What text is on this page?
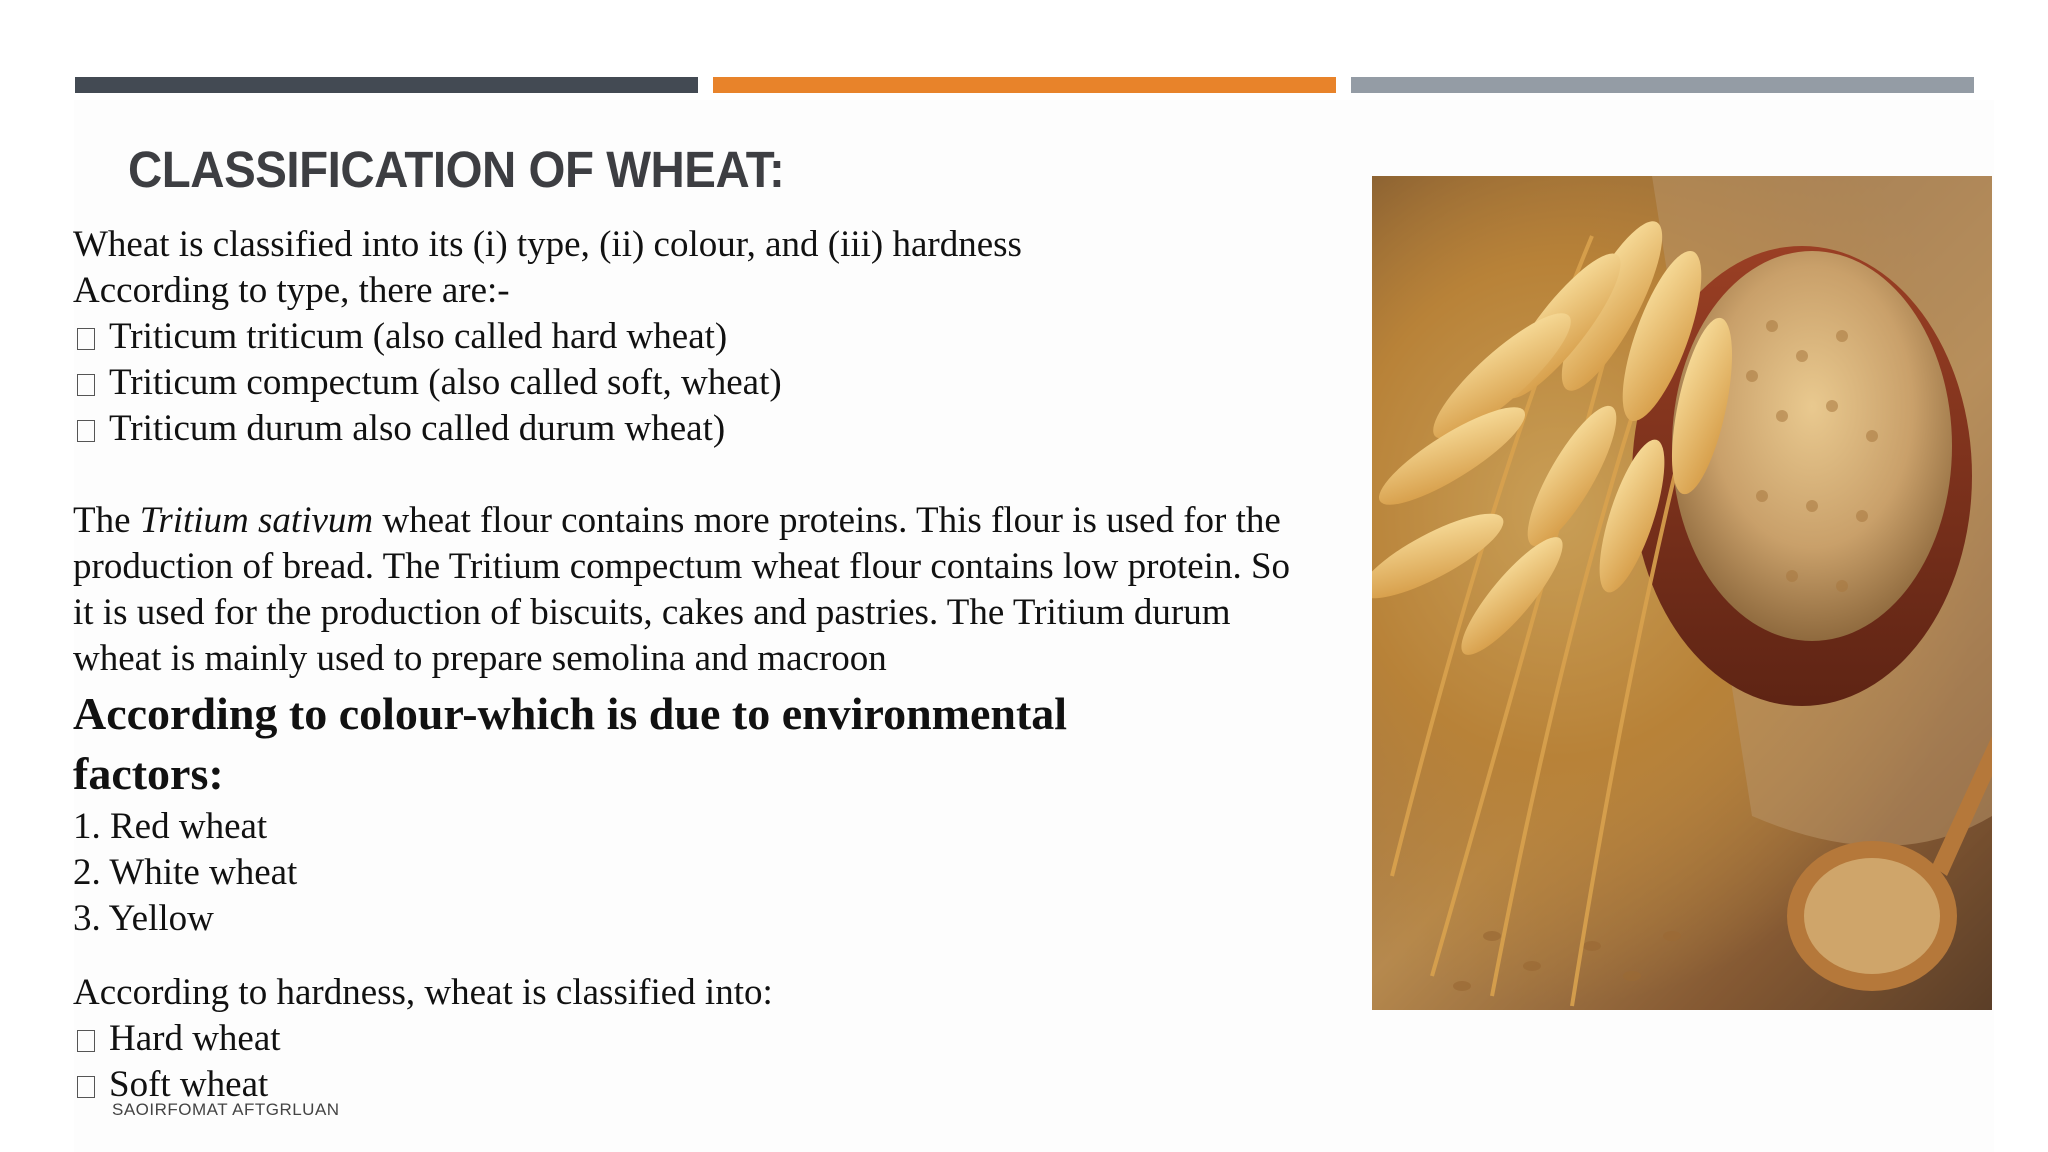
CLASSIFICATION OF WHEAT:
Wheat is classified into its (i) type, (ii) colour, and (iii) hardness
According to type, there are:-
Triticum triticum (also called hard wheat)
Triticum compectum (also called soft, wheat)
Triticum durum also called durum wheat)
The Tritium sativum wheat flour contains more proteins. This flour is used for the
production of bread. The Tritium compectum wheat flour contains low protein. So
it is used for the production of biscuits, cakes and pastries. The Tritium durum
wheat is mainly used to prepare semolina and macroon
According to colour-which is due to environmental
factors:
1. Red wheat
2. White wheat
3. Yellow
According to hardness, wheat is classified into:
Hard wheat
Soft wheat
SAOIRFOMAT AFTGRLUAN
